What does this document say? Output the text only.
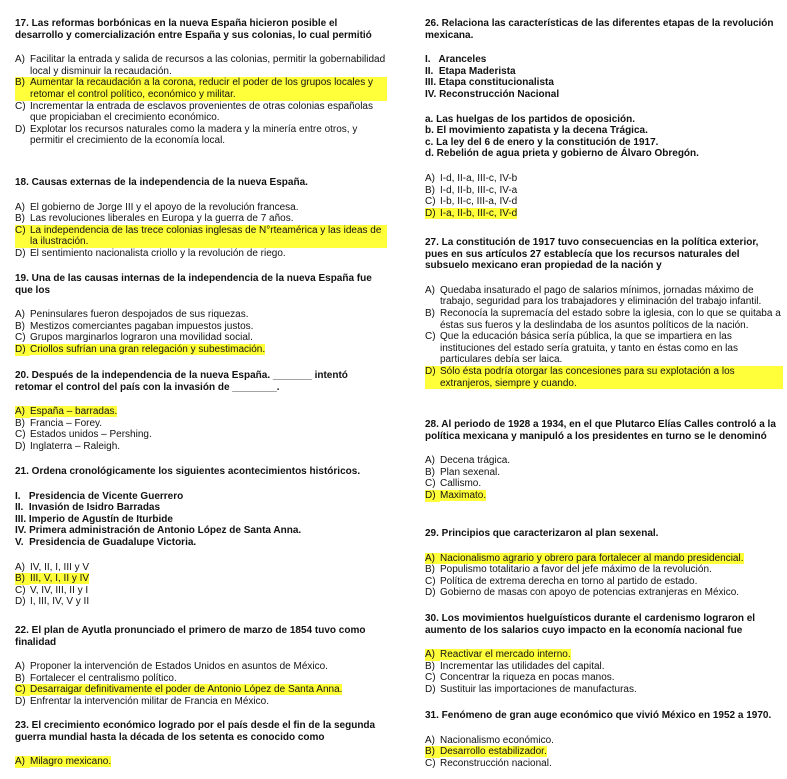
17. Las reformas borbónicas en la nueva España hicieron posible el desarrollo y comercialización entre España y sus colonias, lo cual permitió
A) Facilitar la entrada y salida de recursos a las colonias, permitir la gobernabilidad local y disminuir la recaudación.
B) Aumentar la recaudación a la corona, reducir el poder de los grupos locales y retomar el control político, económico y militar.
C) Incrementar la entrada de esclavos provenientes de otras colonias españolas que propiciaban el crecimiento económico.
D) Explotar los recursos naturales como la madera y la minería entre otros, y permitir el crecimiento de la economía local.
18. Causas externas de la independencia de la nueva España.
A) El gobierno de Jorge III y el apoyo de la revolución francesa.
B) Las revoluciones liberales en Europa y la guerra de 7 años.
C) La independencia de las trece colonias inglesas de N°rteamérica y las ideas de la ilustración.
D) El sentimiento nacionalista criollo y la revolución de riego.
19. Una de las causas internas de la independencia de la nueva España fue que los
A) Peninsulares fueron despojados de sus riquezas.
B) Mestizos comerciantes pagaban impuestos justos.
C) Grupos marginarlos lograron una movilidad social.
D) Criollos sufrían una gran relegación y subestimación.
20. Después de la independencia de la nueva España. _______ intentó retomar el control del país con la invasión de ________.
A) España – barradas.
B) Francia – Forey.
C) Estados unidos – Pershing.
D) Inglaterra – Raleigh.
21. Ordena cronológicamente los siguientes acontecimientos históricos.
I.   Presidencia de Vicente Guerrero
II.  Invasión de Isidro Barradas
III. Imperio de Agustín de Iturbide
IV. Primera administración de Antonio López de Santa Anna.
V.  Presidencia de Guadalupe Victoria.
A) IV, II, I, III y V
B) III, V, I, II y IV
C) V, IV, III, II y I
D) I, III, IV, V y II
22. El plan de Ayutla pronunciado el primero de marzo de 1854 tuvo como finalidad
A) Proponer la intervención de Estados Unidos en asuntos de México.
B) Fortalecer el centralismo político.
C) Desarraigar definitivamente el poder de Antonio López de Santa Anna.
D) Enfrentar la intervención militar de Francia en México.
23. El crecimiento económico logrado por el país desde el fin de la segunda guerra mundial hasta la década de los setenta es conocido como
A) Milagro mexicano.
26. Relaciona las características de las diferentes etapas de la revolución mexicana.
I.   Aranceles
II.  Etapa Maderista
III. Etapa constitucionalista
IV. Reconstrucción Nacional
a. Las huelgas de los partidos de oposición.
b. El movimiento zapatista y la decena Trágica.
c. La ley del 6 de enero y la constitución de 1917.
d. Rebelión de agua prieta y gobierno de Álvaro Obregón.
A) I-d, II-a, III-c, IV-b
B) I-d, II-b, III-c, IV-a
C) I-b, II-c, III-a, IV-d
D) I-a, II-b, III-c, IV-d
27. La constitución de 1917 tuvo consecuencias en la política exterior, pues en sus artículos 27 establecía que los recursos naturales del subsuelo mexicano eran propiedad de la nación y
A) Quedaba insaturado el pago de salarios mínimos, jornadas máximo de trabajo, seguridad para los trabajadores y eliminación del trabajo infantil.
B) Reconocía la supremacía del estado sobre la iglesia, con lo que se quitaba a éstas sus fueros y la deslindaba de los asuntos políticos de la nación.
C) Que la educación básica sería pública, la que se impartiera en las instituciones del estado sería gratuita, y tanto en éstas como en las particulares debía ser laica.
D) Sólo ésta podría otorgar las concesiones para su explotación a los extranjeros, siempre y cuando.
28. Al periodo de 1928 a 1934, en el que Plutarco Elías Calles controló a la política mexicana y manipuló a los presidentes en turno se le denominó
A) Decena trágica.
B) Plan sexenal.
C) Callismo.
D) Maximato.
29. Principios que caracterizaron al plan sexenal.
A) Nacionalismo agrario y obrero para fortalecer al mando presidencial.
B) Populismo totalitario a favor del jefe máximo de la revolución.
C) Política de extrema derecha en torno al partido de estado.
D) Gobierno de masas con apoyo de potencias extranjeras en México.
30. Los movimientos huelguísticos durante el cardenismo lograron el aumento de los salarios cuyo impacto en la economía nacional fue
A) Reactivar el mercado interno.
B) Incrementar las utilidades del capital.
C) Concentrar la riqueza en pocas manos.
D) Sustituir las importaciones de manufacturas.
31. Fenómeno de gran auge económico que vivió México en 1952 a 1970.
A) Nacionalismo económico.
B) Desarrollo estabilizador.
C) Reconstrucción nacional.
